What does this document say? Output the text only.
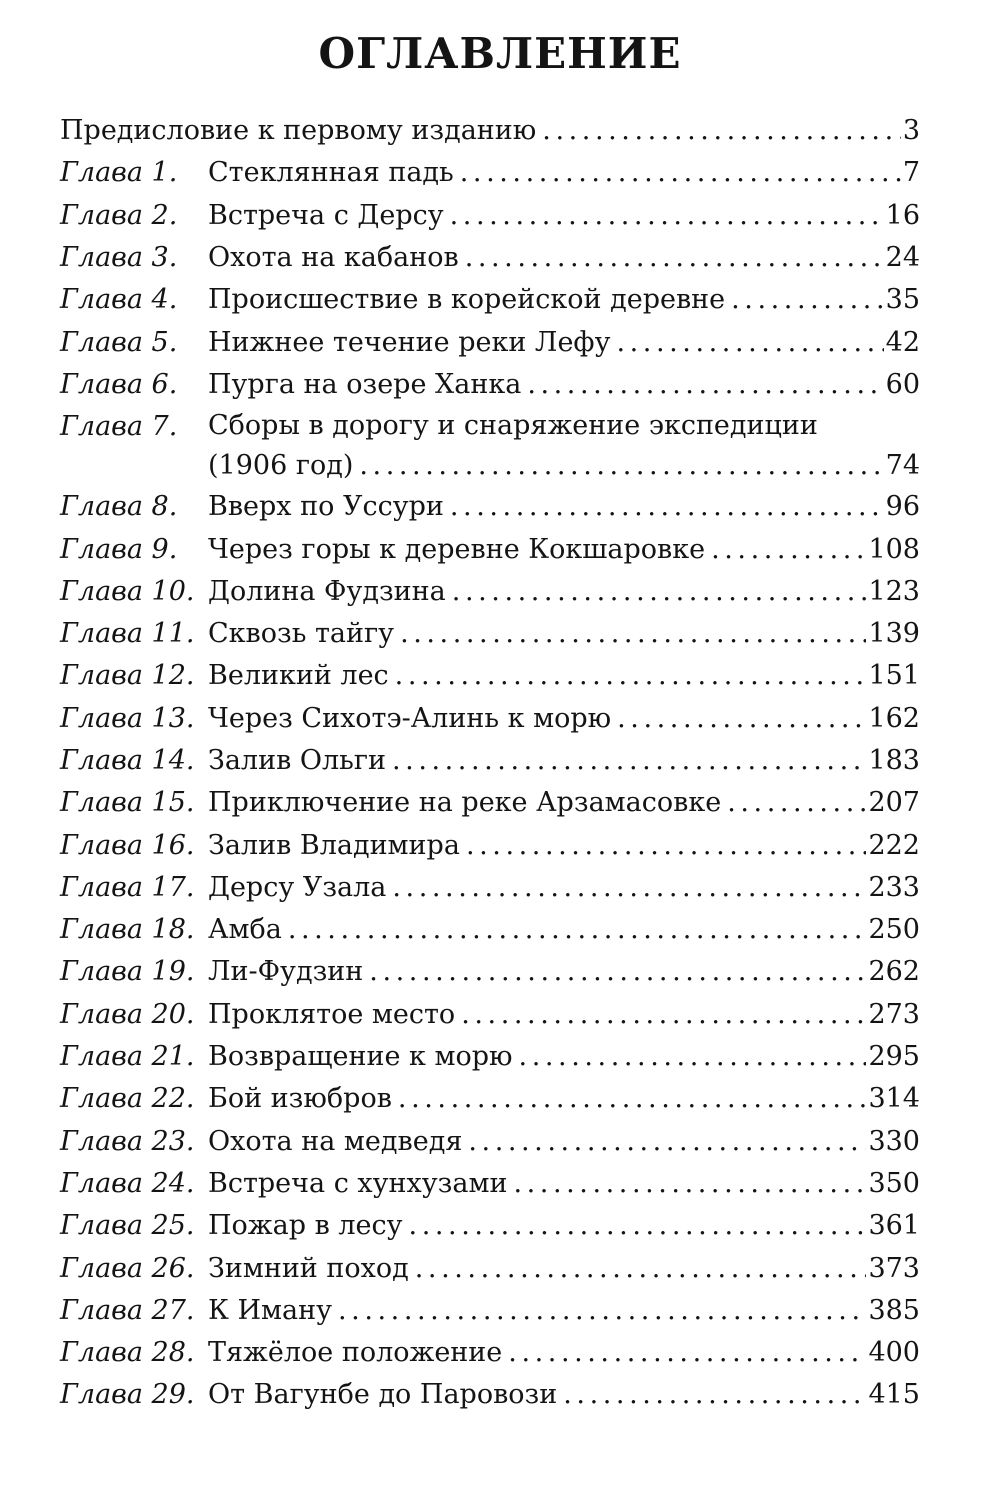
ОГЛАВЛЕНИЕ
Предисловие к первому изданию . . .	3
Глава 1.	Стеклянная падь . . .	7
Глава 2.	Встреча с Дерсу . . .	16
Глава 3.	Охота на кабанов . . .	24
Глава 4.	Происшествие в корейской деревне . . .	35
Глава 5.	Нижнее течение реки Лефу . . .	42
Глава 6.	Пурга на озере Ханка . . .	60
Глава 7.	Сборы в дорогу и снаряжение экспедиции
(1906 год) . . .	74
Глава 8.	Вверх по Уссури . . .	96
Глава 9.	Через горы к деревне Кокшаровке . . .	108
Глава 10. Долина Фудзина . . .	123
Глава 11. Сквозь тайгу . . .	139
Глава 12. Великий лес . . .	151
Глава 13. Через Сихотэ-Алинь к морю . . .	162
Глава 14. Залив Ольги . . .	183
Глава 15. Приключение на реке Арзамасовке . . .	207
Глава 16. Залив Владимира . . .	222
Глава 17. Дерсу Узала . . .	233
Глава 18. Амба . . .	250
Глава 19. Ли-Фудзин . . .	262
Глава 20. Проклятое место . . .	273
Глава 21. Возвращение к морю . . .	295
Глава 22. Бой изюбров . . .	314
Глава 23. Охота на медведя . . .	330
Глава 24. Встреча с хунхузами . . .	350
Глава 25. Пожар в лесу . . .	361
Глава 26. Зимний поход . . .	373
Глава 27. К Иману . . .	385
Глава 28. Тяжёлое положение . . .	400
Глава 29. От Вагунбе до Паровози . . .	415
